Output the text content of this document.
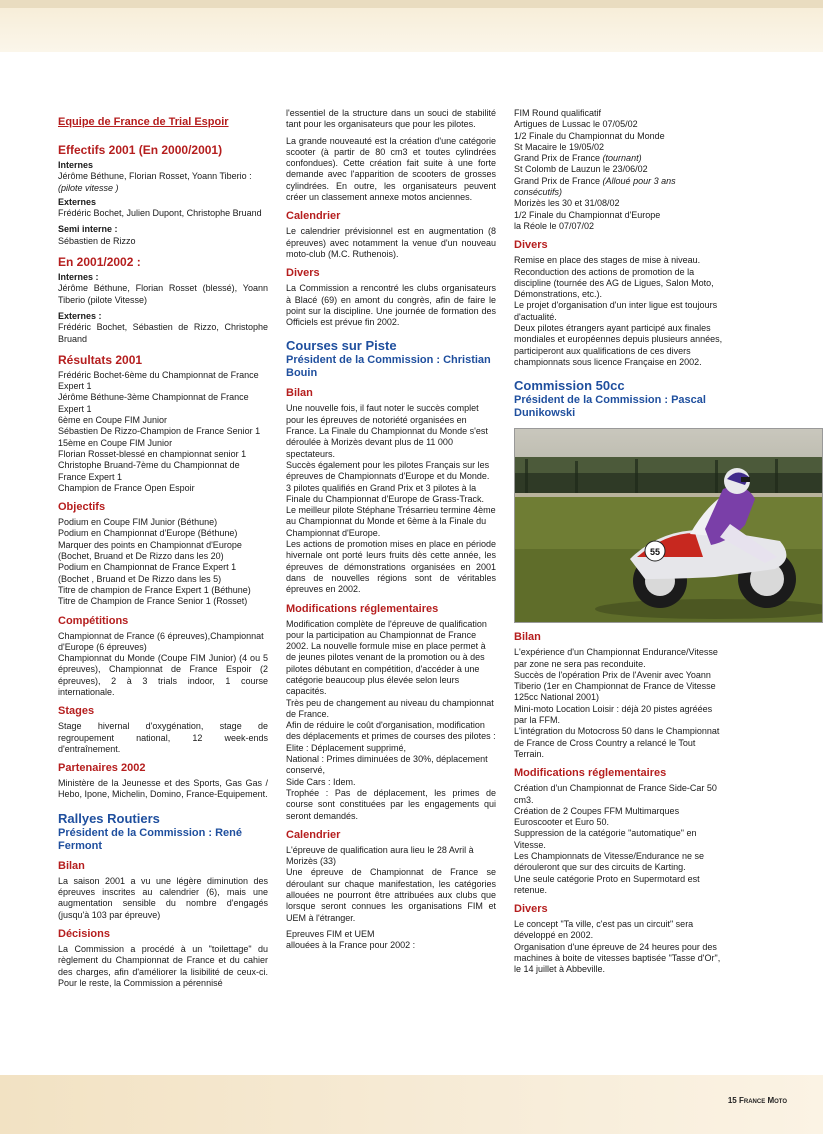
Equipe de France de Trial Espoir
Effectifs 2001 (En 2000/2001)
Internes
Jérôme Béthune, Florian Rosset, Yoann Tiberio :
(pilote vitesse )
Externes

Frédéric Bochet, Julien Dupont, Christophe Bruand

Semi interne :
Sébastien de Rizzo
En 2001/2002 :
Internes :

Jérôme Béthune, Florian Rosset (blessé), Yoann Tiberio (pilote Vitesse)

Externes :

Frédéric Bochet, Sébastien de Rizzo, Christophe Bruand

Résultats 2001
Frédéric Bochet-6ème du Championnat de France Expert 1
Jérôme Béthune-3ème Championnat de France Expert 1
6ème en Coupe FIM Junior
Sébastien De Rizzo-Champion de France Senior 1
15ème en Coupe FIM Junior
Florian Rosset-blessé en championnat senior 1
Christophe Bruand-7ème du Championnat de France Expert 1
Champion de France Open Espoir
Objectifs
Podium en Coupe FIM Junior (Béthune)
Podium en Championnat d'Europe (Béthune)
Marquer des points en Championnat d'Europe (Bochet, Bruand et De Rizzo dans les 20)
Podium en Championnat de France Expert 1 (Bochet , Bruand et De Rizzo dans les 5)
Titre de champion de France Expert 1 (Béthune)
Titre de Champion de France Senior 1 (Rosset)
Compétitions
Championnat de France (6 épreuves),Championnat d'Europe (6 épreuves)

Championnat du Monde (Coupe FIM Junior) (4 ou 5 épreuves), Championnat de France Espoir (2 épreuves), 2 à 3 trials indoor, 1 course internationale.

Stages

Stage hivernal d'oxygénation, stage de regroupement national, 12 week-ends d'entraînement.

Partenaires 2002

Ministère de la Jeunesse et des Sports, Gas Gas / Hebo, Ipone, Michelin, Domino, France-Equipement.

Rallyes Routiers
Président de la Commission : René Fermont
Bilan

La saison 2001 a vu une légère diminution des épreuves inscrites au calendrier (6), mais une augmentation sensible du nombre d'engagés (jusqu'à 103 par épreuve)

Décisions

La Commission a procédé à un "toilettage" du règlement du Championnat de France et du cahier des charges, afin d'améliorer la lisibilité de ceux-ci. Pour le reste, la Commission a pérennisé

l'essentiel de la structure dans un souci de stabilité tant pour les organisateurs que pour les pilotes.

La grande nouveauté est la création d'une catégorie scooter (à partir de 80 cm3 et toutes cylindrées confondues). Cette création fait suite à une forte demande avec l'apparition de scooters de grosses cylindrées. En outre, les organisateurs peuvent créer un classement annexe motos anciennes.

Calendrier

Le calendrier prévisionnel est en augmentation (8 épreuves) avec notamment la venue d'un nouveau moto-club (M.C. Ruthenois).

Divers

La Commission a rencontré les clubs organisateurs à Blacé (69) en amont du congrès, afin de faire le point sur la discipline. Une journée de formation des Officiels est prévue fin 2002.

Courses sur Piste
Président de la Commission : Christian Bouin
Bilan
Une nouvelle fois, il faut noter le succès complet pour les épreuves de notoriété organisées en France. La Finale du Championnat du Monde s'est déroulée à Morizès devant plus de 11 000 spectateurs.
Succès également pour les pilotes Français sur les épreuves de Championnats d'Europe et du Monde. 3 pilotes qualifiés en Grand Prix et 3 pilotes à la Finale du Championnat d'Europe de Grass-Track. Le meilleur pilote Stéphane Trésarrieu termine 4ème au Championnat du Monde et 6ème à la Finale du Championnat d'Europe.

Les actions de promotion mises en place en période hivernale ont porté leurs fruits dès cette année, les épreuves de démonstrations organisées en 2001 dans de nouvelles régions sont de véritables épreuves en 2002.

Modifications réglementaires
Modification complète de l'épreuve de qualification pour la participation au Championnat de France 2002. La nouvelle formule mise en place permet à de jeunes pilotes venant de la promotion ou à des pilotes débutant en compétition, d'accéder à une catégorie beaucoup plus élevée selon leurs capacités.
Très peu de changement au niveau du championnat de France.
Afin de réduire le coût d'organisation, modification des déplacements et primes de courses des pilotes :
Elite : Déplacement supprimé,
National : Primes diminuées de 30%, déplacement conservé,
Side Cars : Idem.

Trophée : Pas de déplacement, les primes de course sont constituées par les engagements qui seront demandés.

Calendrier
L'épreuve de qualification aura lieu le 28 Avril à Morizès (33)

Une épreuve de Championnat de France se déroulant sur chaque manifestation, les catégories allouées ne pourront être attribuées aux clubs que lorsque seront connues les organisations FIM et UEM à l'étranger.

Epreuves FIM et UEM
allouées à la France pour 2002 :
FIM Round qualificatif
Artigues de Lussac le 07/05/02
1/2 Finale du Championnat du Monde
St Macaire le 19/05/02
Grand Prix de France (tournant)
St Colomb de Lauzun le 23/06/02
Grand Prix de France (Alloué pour 3 ans consécutifs)
Morizès les 30 et 31/08/02
1/2 Finale du Championnat d'Europe
la Réole le 07/07/02
Divers
Remise en place des stages de mise à niveau.
Reconduction des actions de promotion de la discipline (tournée des AG de Ligues, Salon Moto, Démonstrations, etc.).
Le projet d'organisation d'un inter ligue est toujours d'actualité.
Deux pilotes étrangers ayant participé aux finales mondiales et européennes depuis plusieurs années, participeront aux qualifications de ces divers championnats sous licence Française en 2002.
Commission 50cc
Président de la Commission : Pascal Dunikowski
55
Bilan
L'expérience d'un Championnat Endurance/Vitesse par zone ne sera pas reconduite.
Succès de l'opération Prix de l'Avenir avec Yoann Tiberio (1er en Championnat de France de Vitesse 125cc National 2001)
Mini-moto Location Loisir : déjà 20 pistes agréées par la FFM.
L'intégration du Motocross 50 dans le Championnat de France de Cross Country a relancé le Tout Terrain.
Modifications réglementaires
Création d'un Championnat de France Side-Car 50 cm3.
Création de 2 Coupes FFM Multimarques Euroscooter et Euro 50.
Suppression de la catégorie "automatique" en Vitesse.
Les Championnats de Vitesse/Endurance ne se dérouleront que sur des circuits de Karting.
Une seule catégorie Proto en Supermotard est retenue.
Divers
Le concept "Ta ville, c'est pas un circuit" sera développé en 2002.
Organisation d'une épreuve de 24 heures pour des machines à boite de vitesses baptisée "Tasse d'Or", le 14 juillet à Abbeville.
15 France Moto
